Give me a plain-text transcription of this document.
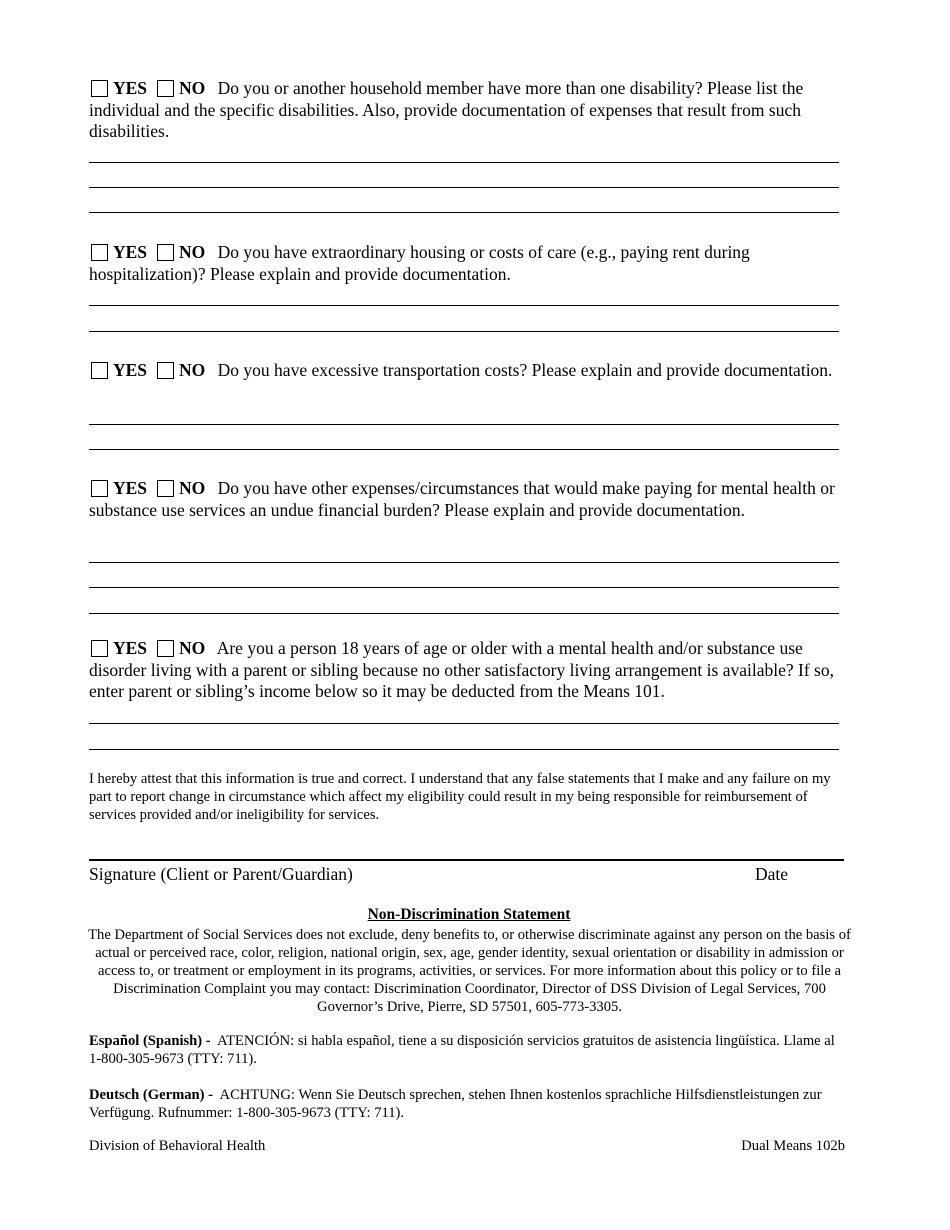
YES NO Do you or another household member have more than one disability? Please list the individual and the specific disabilities. Also, provide documentation of expenses that result from such disabilities.
YES NO Do you have extraordinary housing or costs of care (e.g., paying rent during hospitalization)? Please explain and provide documentation.
YES NO Do you have excessive transportation costs? Please explain and provide documentation.
YES NO Do you have other expenses/circumstances that would make paying for mental health or substance use services an undue financial burden? Please explain and provide documentation.
YES NO Are you a person 18 years of age or older with a mental health and/or substance use disorder living with a parent or sibling because no other satisfactory living arrangement is available? If so, enter parent or sibling’s income below so it may be deducted from the Means 101.
I hereby attest that this information is true and correct. I understand that any false statements that I make and any failure on my part to report change in circumstance which affect my eligibility could result in my being responsible for reimbursement of services provided and/or ineligibility for services.
Signature (Client or Parent/Guardian)	Date
Non-Discrimination Statement
The Department of Social Services does not exclude, deny benefits to, or otherwise discriminate against any person on the basis of actual or perceived race, color, religion, national origin, sex, age, gender identity, sexual orientation or disability in admission or access to, or treatment or employment in its programs, activities, or services. For more information about this policy or to file a Discrimination Complaint you may contact: Discrimination Coordinator, Director of DSS Division of Legal Services, 700 Governor’s Drive, Pierre, SD 57501, 605-773-3305.
Español (Spanish) - ATENCIÓN: si habla español, tiene a su disposición servicios gratuitos de asistencia lingüística. Llame al 1-800-305-9673 (TTY: 711).
Deutsch (German) - ACHTUNG: Wenn Sie Deutsch sprechen, stehen Ihnen kostenlos sprachliche Hilfsdienstleistungen zur Verfügung. Rufnummer: 1-800-305-9673 (TTY: 711).
Division of Behavioral Health	Dual Means 102b
